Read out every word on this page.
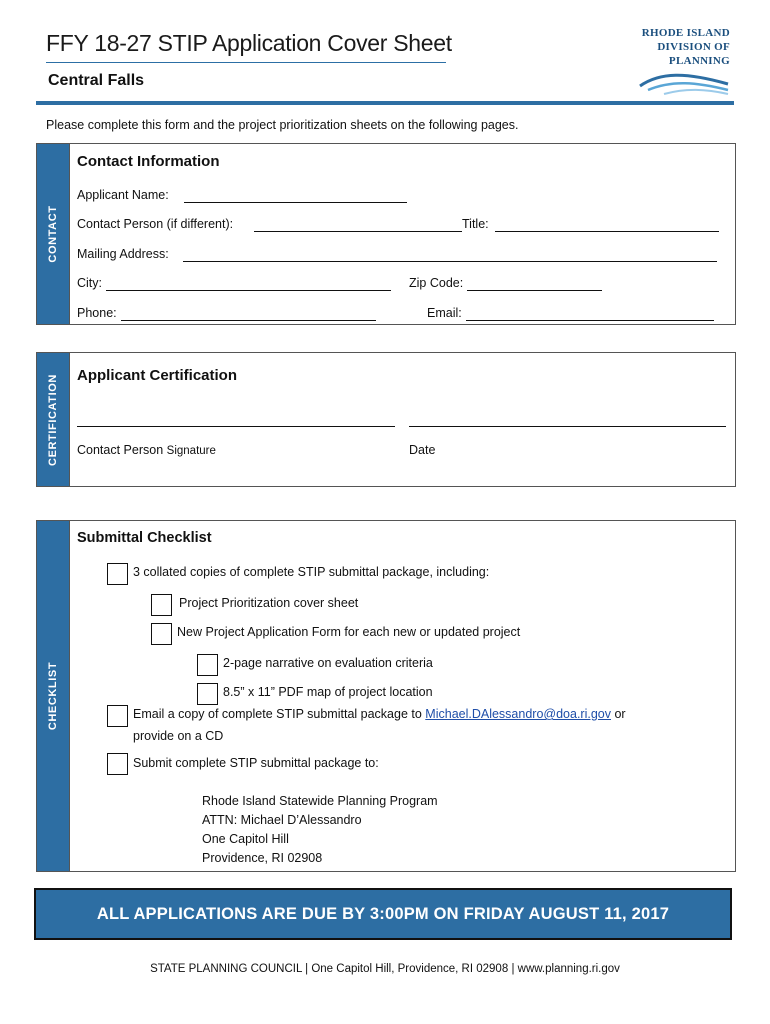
FFY 18-27 STIP Application Cover Sheet	RHODE ISLAND
DIVISION OF
PLANNING
Central Falls
Please complete this form and the project prioritization sheets on the following pages.
CONTACT
Contact Information
Applicant Name:
Contact Person (if different):	Title:
Mailing Address:
City:	Zip Code:
Phone:	Email:
CERTIFICATION Applicant Certification
Contact Person Signature	Date
CHECKLIST
Submittal Checklist
3 collated copies of complete STIP submittal package, including:
Project Prioritization cover sheet
New Project Application Form for each new or updated project
2-page narrative on evaluation criteria
8.5” x 11” PDF map of project location
Email a copy of complete STIP submittal package to Michael.DAlessandro@doa.ri.gov or
provide on a CD
Submit complete STIP submittal package to:
Rhode Island Statewide Planning Program
ATTN: Michael D’Alessandro
One Capitol Hill
Providence, RI 02908
ALL APPLICATIONS ARE DUE BY 3:00PM ON FRIDAY AUGUST 11, 2017
STATE PLANNING COUNCIL | One Capitol Hill, Providence, RI 02908 | www.planning.ri.gov
